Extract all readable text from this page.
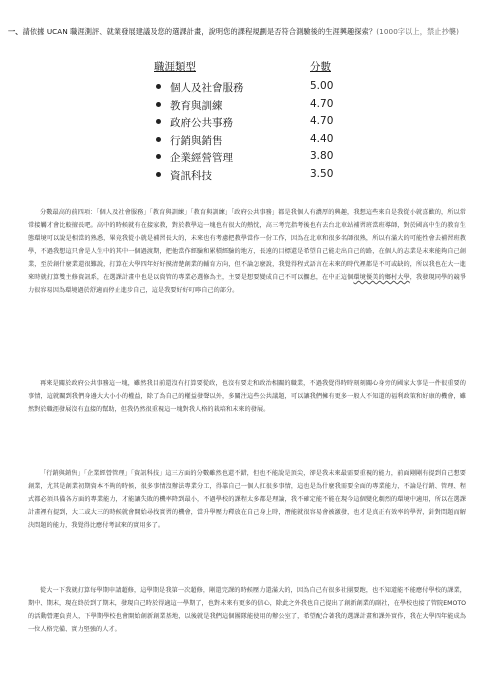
一、請依據 UCAN 職涯測評、就業發展建議及您的選課計畫，說明您的課程規劃是否符合測驗後的生涯興趣探索？(1000字以上，禁止抄襲)
職涯類型	分數
個人及社會服務	5.00
教育與訓練	4.70
政府公共事務	4.70
行銷與銷售	4.40
企業經營管理	3.80
資訊科技	3.50
分數最高的前四項：「個人及社會服務」「教育與訓練」「教育與訓練」「政府公共事務」都是我個人有濃厚的興趣，我想這些來自是我從小就喜歡的，所以常常接觸才會比較擅長吧。高中的時候就有在接家教，對於教學這一塊也有很大的熱忱，高三考完指考後也有去台北車站補習班當班導師，對於國高中生的教育生態環境可以說是相當的熟悉，畢竟我從小就是補習長大的，未來也有考慮把教學當作一份工作，因為在北車和很多名師很熟，所以有滿大的可能性會去補習班教學，不過我想這只會是人生中的其中一個過渡期，把他當作經驗和累積經驗的地方，長遠的目標還是希望自己能走出自己的路，在個人的志業是未來能夠自己創業，至於創什麼業還很難說，打算在大學四年好好摸清楚創業的輔育方向，但不論怎麼說，我覺得程式語言在未來的時代裡都是不可或缺的，所以我也在大一進來時就打算雙主修資訊系，在選課計畫中也是以資管的專業必選修為主，主要是想要變成自己不可以擱息，在中正這個環境優美的鄉村大學，我發現同學的競爭力很容易因為環境過於舒適而停止進步自己，這是我要好好叮嚀自己的部分。
再來是關於政府公共事務這一塊，雖然我目前還沒有打算要從政，也沒有要走和政治相關的職業，不過我覺得時時刻刻關心身旁的國家大事是一件很重要的事情，這就關到我們身邊大大小小的權益，除了為自己的權益發聲以外，多關注這些公共議題，可以讓我們擁有更多一般人不知道的福利政策和好康的機會，雖然對於職涯發展沒有直接的幫助，但我仍然很重視這一塊對我人格的栽培和未來的發展。
「行銷與銷售」「企業經營管理」「資訊科技」這三方面的分數雖然也還不錯，但也不能說是頂尖，卻是我未來最需要重視的能力，前面剛剛有提到自己想要創業，尤其是創業初期資本不夠的時候，很多事情沒辦法專業分工，得靠自己一個人扛很多事情，這也是為什麼我需要全面的專業能力，不論是行銷、管理、程式都必須具備各方面的專業能力，才能讓失敗的機率降到最小，不過學校的課程太多都是理論，我不確定能不能在現今這個變化劇烈的環境中適用，所以在選課計畫裡有提到，大二或大三的時候就會開始尋找實習的機會，當升學壓力釋放在自己身上時，潛能就很容易會被激發，也才是真正有效率的學習，針對問題而解決問題的能力，我覺得比應付考試來的實用多了。
從大一下我就打算每學期申請超修，這學期是我第一次超修，剛還完課的時候壓力還滿大的，因為自己有很多社團要跑，也不知道能不能應付學校的課業，期中、期末，現在終於到了期末，發現自己時於得適這一學期了，也對未來有更多的信心，除此之外我也自己提出了創新創業的副社，在學校也接了管院EMOTO的活動營運負責人，下學期學校也會開始創新創業基地，以後就是我們這個團隊能使用的辦公室了，希望配合著我的選課計畫和課外實作，我在大學四年能成為一位人格完備、實力堅強的人才。
